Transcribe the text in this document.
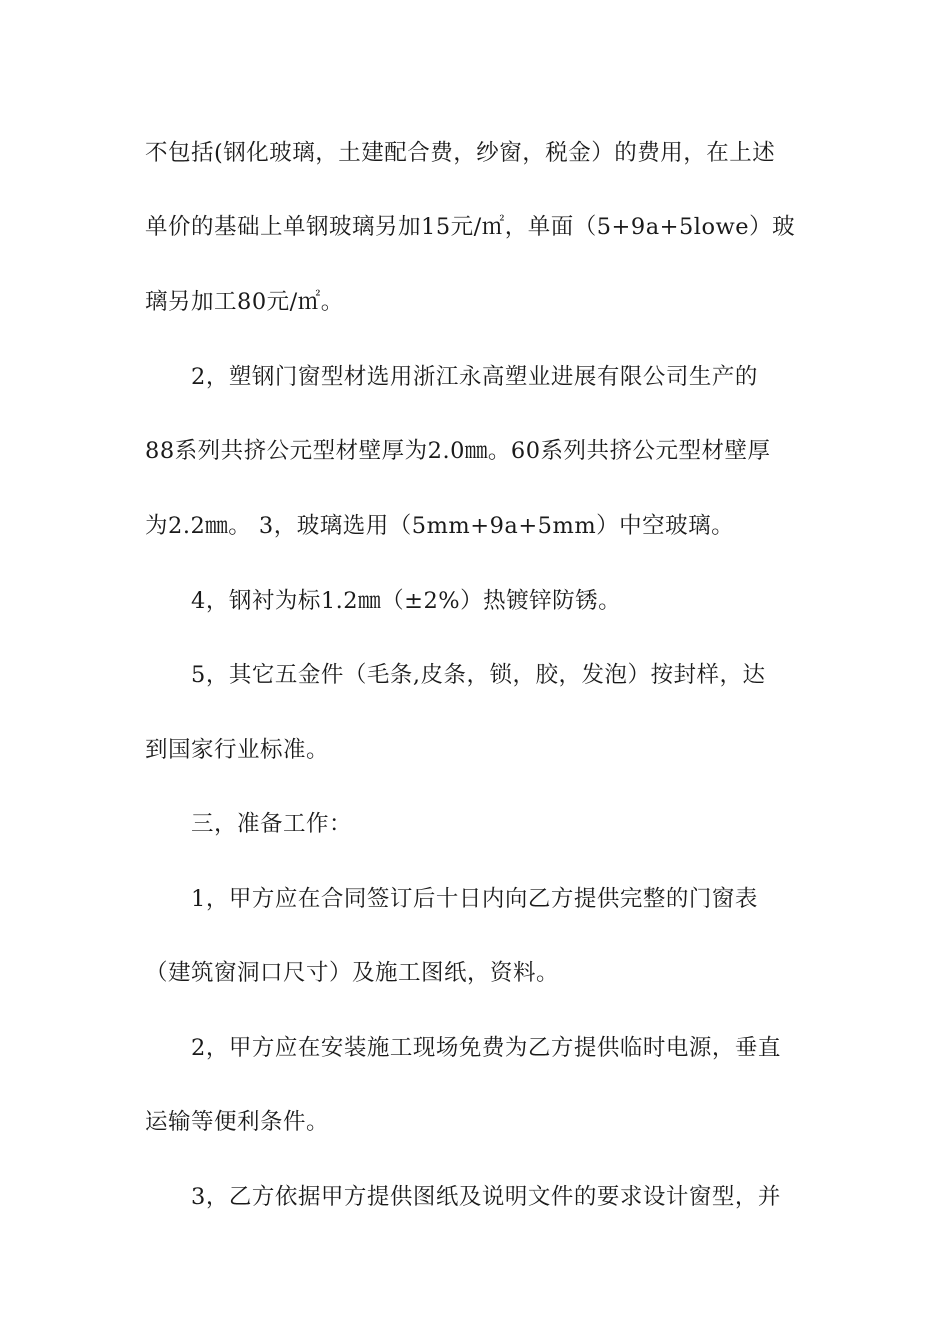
不包括(钢化玻璃，土建配合费，纱窗，税金）的费用，在上述
单价的基础上单钢玻璃另加15元/㎡，单面（5+9a+5lowe）玻
璃另加工80元/㎡。
2，塑钢门窗型材选用浙江永高塑业进展有限公司生产的
88系列共挤公元型材壁厚为2.0㎜。60系列共挤公元型材壁厚
为2.2㎜。 3，玻璃选用（5mm+9a+5mm）中空玻璃。
4，钢衬为标1.2㎜（±2%）热镀锌防锈。
5，其它五金件（毛条,皮条，锁，胶，发泡）按封样，达
到国家行业标准。
三，准备工作：
1，甲方应在合同签订后十日内向乙方提供完整的门窗表
（建筑窗洞口尺寸）及施工图纸，资料。
2，甲方应在安装施工现场免费为乙方提供临时电源，垂直
运输等便利条件。
3，乙方依据甲方提供图纸及说明文件的要求设计窗型，并
